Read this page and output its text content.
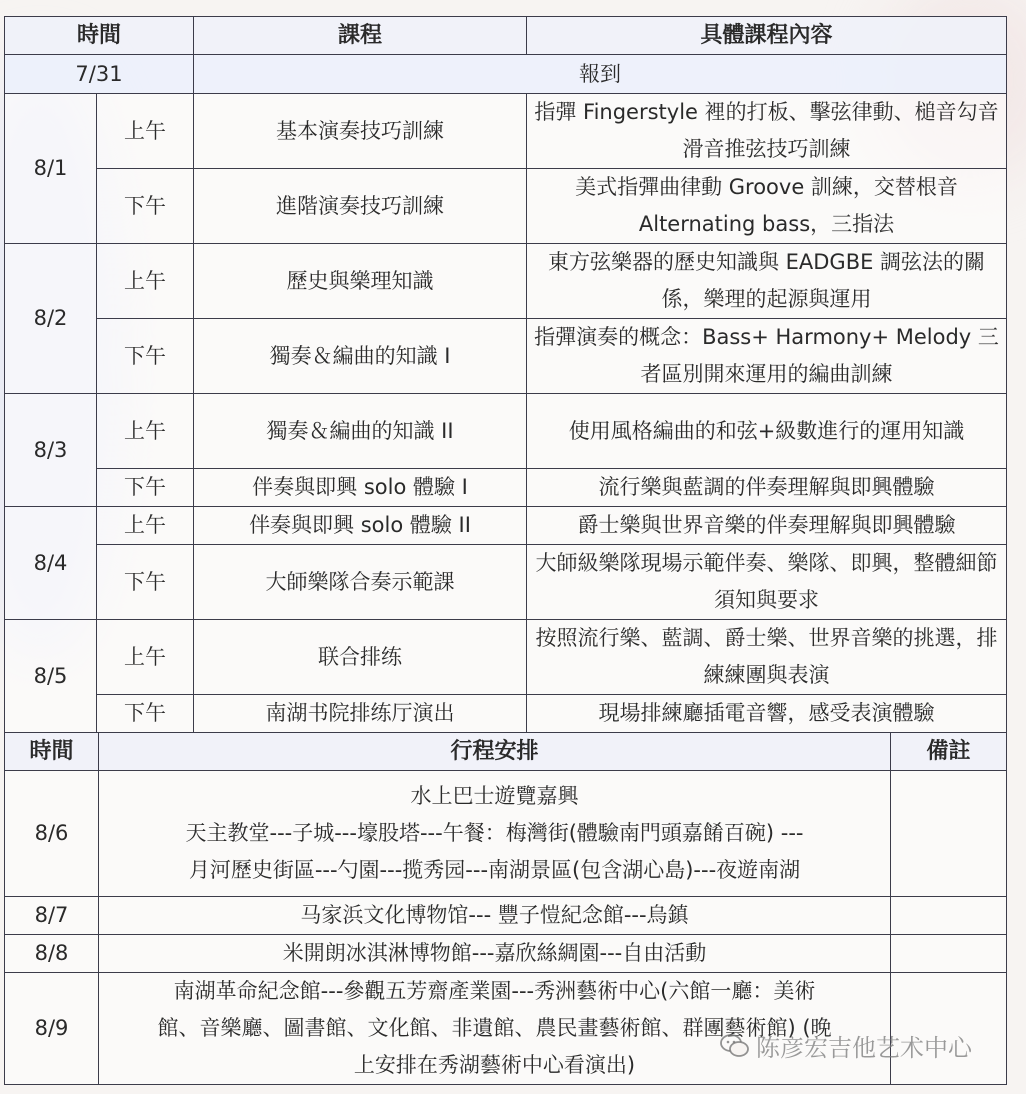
時間		課程	具體課程內容
7/31		報到	
8/1	上午	基本演奏技巧訓練	指彈 Fingerstyle 裡的打板、擊弦律動、槌音勾音滑音推弦技巧訓練
	下午	進階演奏技巧訓練	美式指彈曲律動 Groove 訓練，交替根音 Alternating bass，三指法
8/2	上午	歷史與樂理知識	東方弦樂器的歷史知識與 EADGBE 調弦法的關係，樂理的起源與運用
	下午	獨奏＆編曲的知識 I	指彈演奏的概念：Bass+ Harmony+ Melody 三者區別開來運用的編曲訓練
8/3	上午	獨奏＆編曲的知識 II	使用風格編曲的和弦+級數進行的運用知識
	下午	伴奏與即興 solo 體驗 I	流行樂與藍調的伴奏理解與即興體驗
8/4	上午	伴奏與即興 solo 體驗 II	爵士樂與世界音樂的伴奏理解與即興體驗
	下午	大師樂隊合奏示範課	大師級樂隊現場示範伴奏、樂隊、即興，整體細節須知與要求
8/5	上午	联合排练	按照流行樂、藍調、爵士樂、世界音樂的挑選，排練練團與表演
	下午	南湖书院排练厅演出	現場排練廳插電音響，感受表演體驗
時間	行程安排	備註
8/6	水上巴士遊覽嘉興
天主教堂---子城---壕股塔---午餐：梅灣街(體驗南門頭嘉餚百碗) ---
月河歷史街區---勺園---揽秀园---南湖景區(包含湖心島)---夜遊南湖	

8/7	马家浜文化博物馆--- 豐子愷紀念館---烏鎮	

8/8	米開朗冰淇淋博物館---嘉欣絲綢園---自由活動	

8/9	南湖革命紀念館---參觀五芳齋產業園---秀洲藝術中心(六館一廳：美術
館、音樂廳、圖書館、文化館、非遺館、農民畫藝術館、群團藝術館) (晚
上安排在秀湖藝術中心看演出)	

陈彦宏吉他艺术中心
